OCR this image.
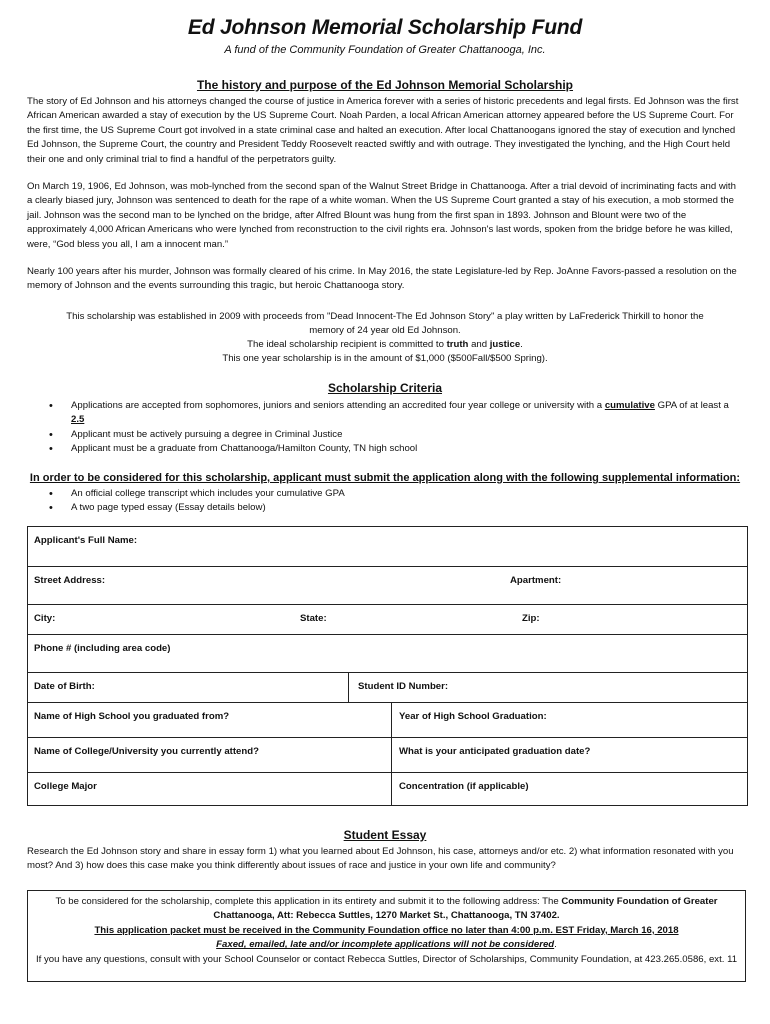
Ed Johnson Memorial Scholarship Fund
A fund of the Community Foundation of Greater Chattanooga, Inc.
The history and purpose of the Ed Johnson Memorial Scholarship

The story of Ed Johnson and his attorneys changed the course of justice in America forever with a series of historic precedents and legal firsts. Ed Johnson was the first African American awarded a stay of execution by the US Supreme Court. Noah Parden, a local African American attorney appeared before the US Supreme Court. For the first time, the US Supreme Court got involved in a state criminal case and halted an execution. After local Chattanoogans ignored the stay of execution and lynched Ed Johnson, the Supreme Court, the country and President Teddy Roosevelt reacted swiftly and with outrage. They investigated the lynching, and the High Court held their one and only criminal trial to find a handful of the perpetrators guilty.

On March 19, 1906, Ed Johnson, was mob-lynched from the second span of the Walnut Street Bridge in Chattanooga. After a trial devoid of incriminating facts and with a clearly biased jury, Johnson was sentenced to death for the rape of a white woman. When the US Supreme Court granted a stay of his execution, a mob stormed the jail. Johnson was the second man to be lynched on the bridge, after Alfred Blount was hung from the first span in 1893. Johnson and Blount were two of the approximately 4,000 African Americans who were lynched from reconstruction to the civil rights era. Johnson's last words, spoken from the bridge before he was killed, were, “God bless you all, I am a innocent man.”

Nearly 100 years after his murder, Johnson was formally cleared of his crime. In May 2016, the state Legislature-led by Rep. JoAnne Favors-passed a resolution on the memory of Johnson and the events surrounding this tragic, but heroic Chattanooga story.

This scholarship was established in 2009 with proceeds from "Dead Innocent-The Ed Johnson Story" a play written by LaFrederick Thirkill to honor the
memory of 24 year old Ed Johnson.
The ideal scholarship recipient is committed to truth and justice.
This one year scholarship is in the amount of $1,000 ($500Fall/$500 Spring).
Scholarship Criteria
• Applications are accepted from sophomores, juniors and seniors attending an accredited four year college or university with a cumulative GPA of at least a 2.5
• Applicant must be actively pursuing a degree in Criminal Justice
• Applicant must be a graduate from Chattanooga/Hamilton County, TN high school
In order to be considered for this scholarship, applicant must submit the application along with the following supplemental information:
• An official college transcript which includes your cumulative GPA
• A two page typed essay (Essay details below)
Applicant's Full Name:
Street Address:	Apartment:
City:	State:	Zip:
Phone # (including area code)
Date of Birth:	Student ID Number:
Name of High School you graduated from?	Year of High School Graduation:
Name of College/University you currently attend?	What is your anticipated graduation date?
College Major	Concentration (if applicable)
Student Essay
Research the Ed Johnson story and share in essay form 1) what you learned about Ed Johnson, his case, attorneys and/or etc. 2) what information resonated with you most? And 3) how does this case make you think differently about issues of race and justice in your own life and community?
To be considered for the scholarship, complete this application in its entirety and submit it to the following address: The Community Foundation of Greater Chattanooga, Att: Rebecca Suttles, 1270 Market St., Chattanooga, TN 37402.
This application packet must be received in the Community Foundation office no later than 4:00 p.m. EST Friday, March 16, 2018
Faxed, emailed, late and/or incomplete applications will not be considered.
If you have any questions, consult with your School Counselor or contact Rebecca Suttles, Director of Scholarships, Community Foundation, at 423.265.0586, ext. 11
